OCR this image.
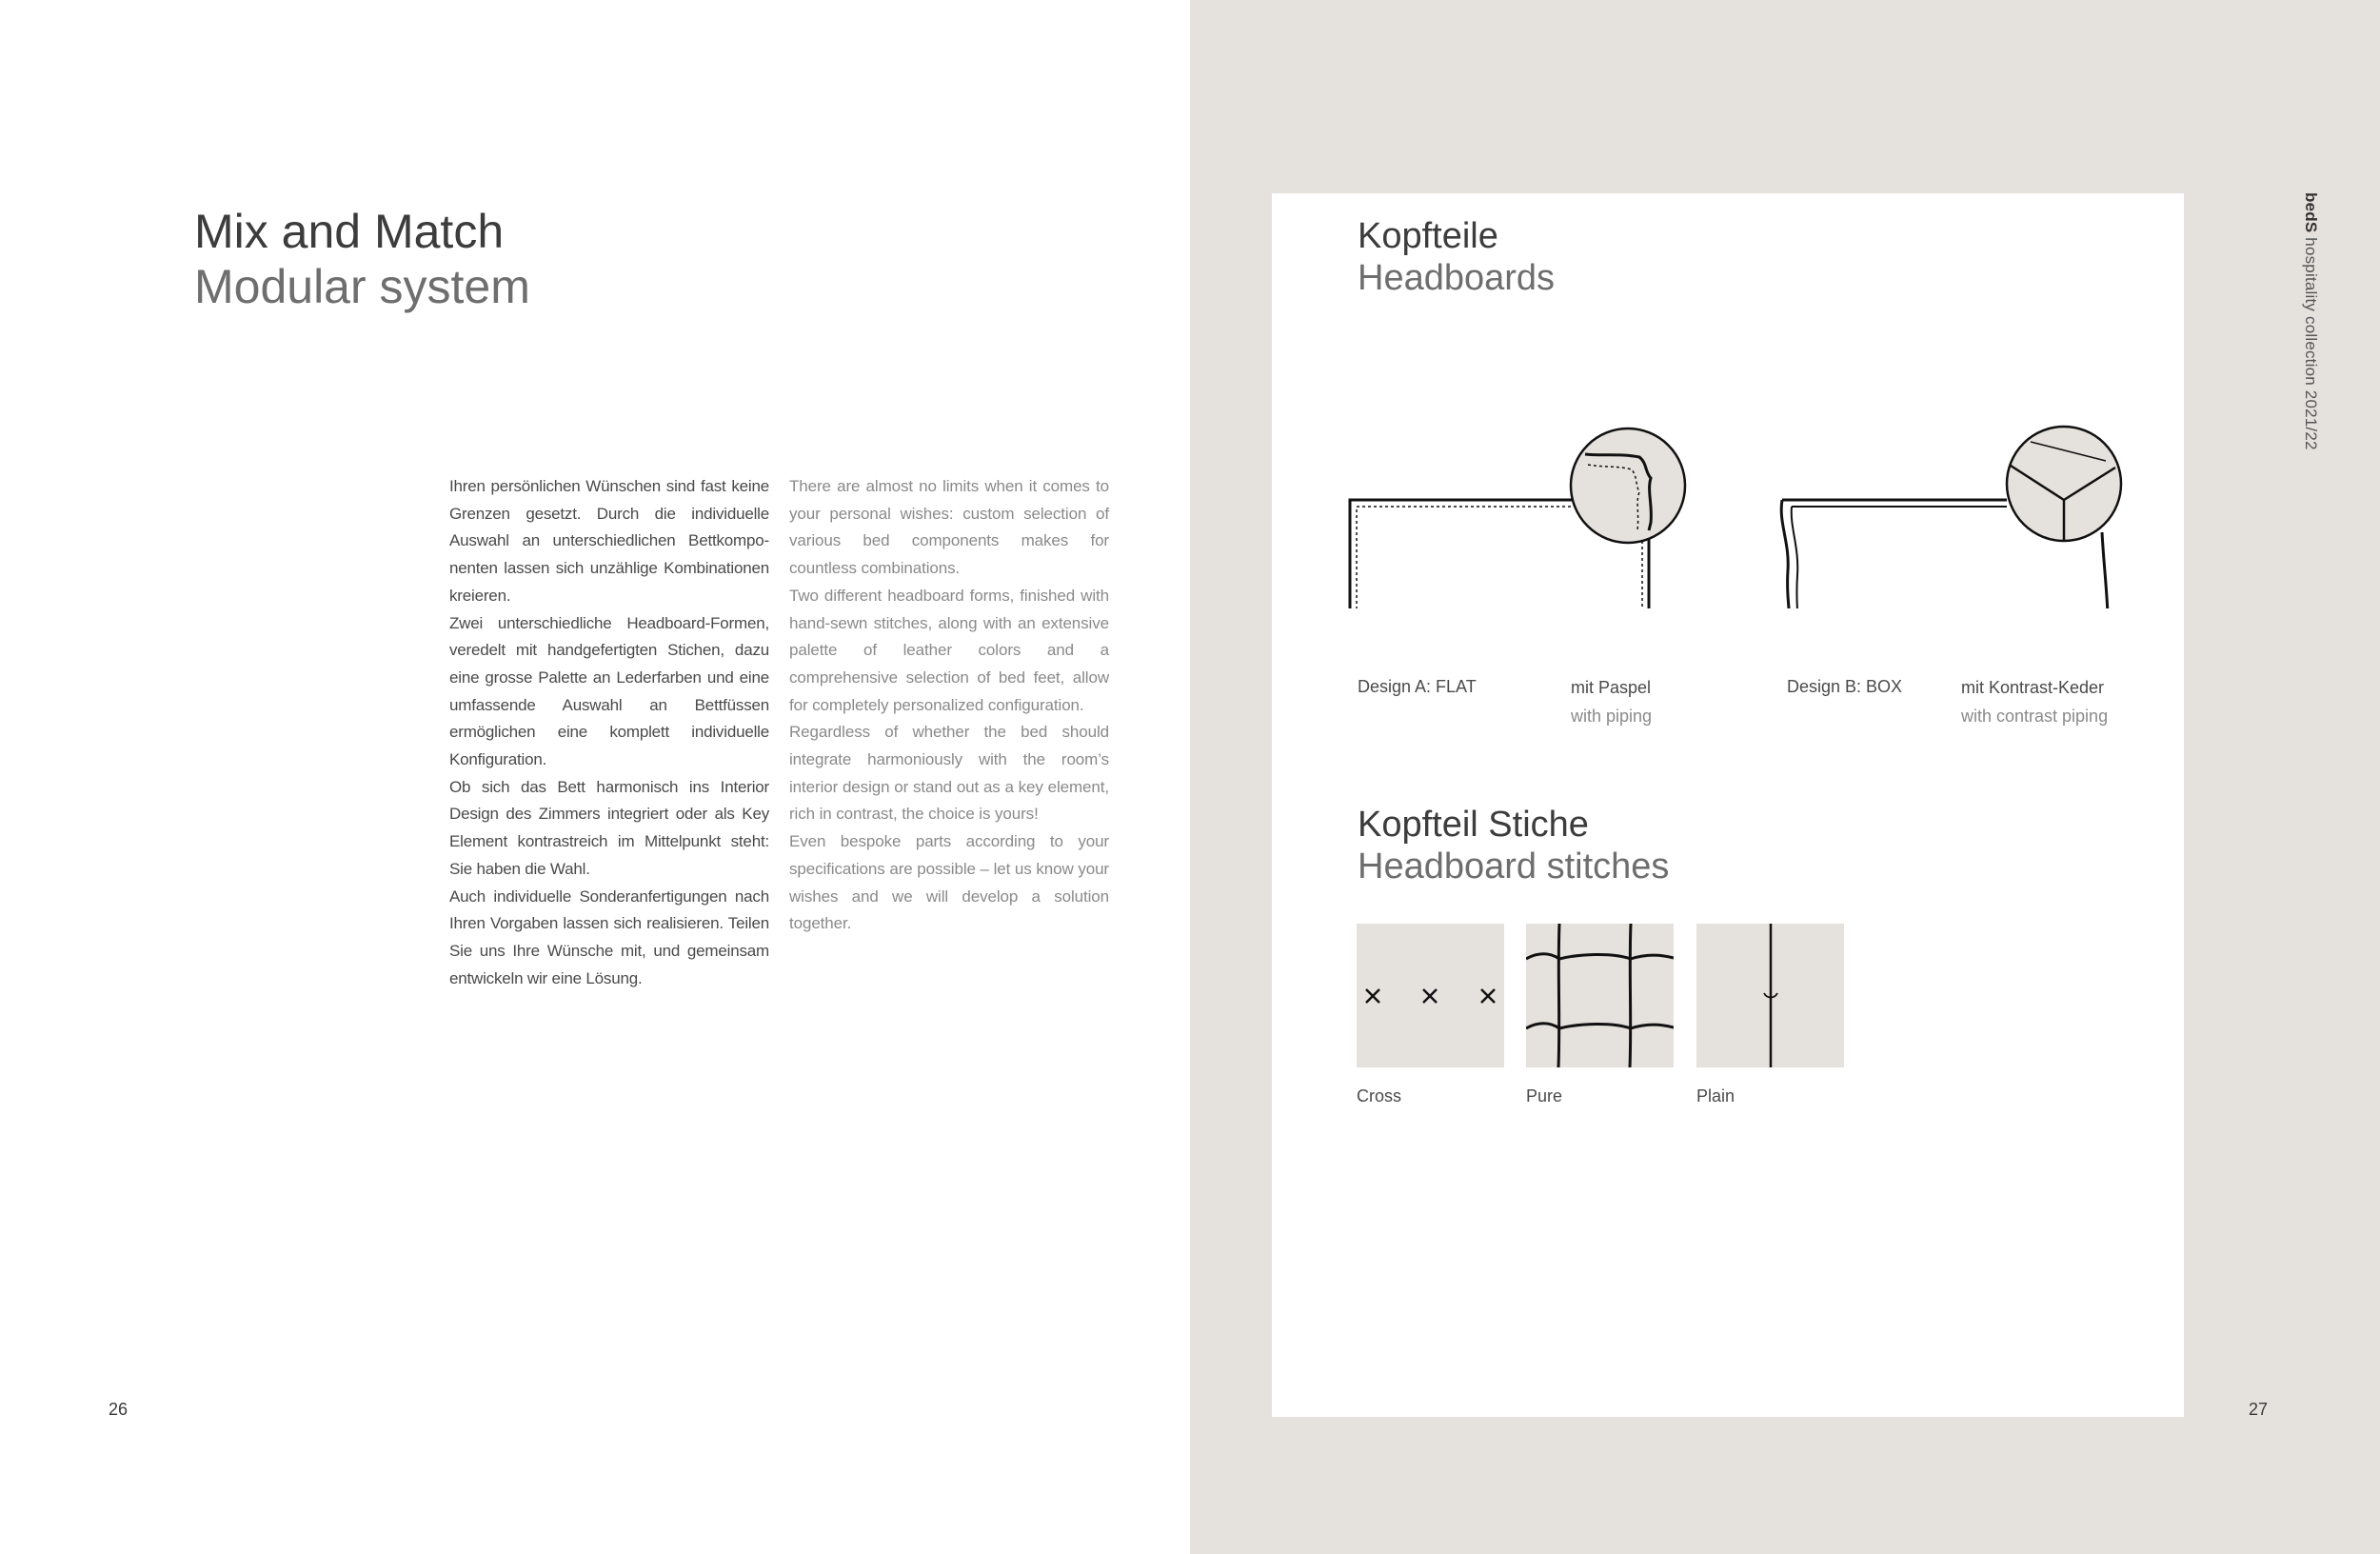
Mix and Match
Modular system

Ihren persönlichen Wünschen sind fast keine Grenzen gesetzt. Durch die individuelle Auswahl an unterschiedlichen Bettkompo-nenten lassen sich unzählige Kombinationen kreieren.

Zwei unterschiedliche Headboard-Formen, veredelt mit handgefertigten Stichen, dazu eine grosse Palette an Lederfarben und eine umfassende Auswahl an Bettfüssen ermöglichen eine komplett individuelle Konfiguration.

Ob sich das Bett harmonisch ins Interior Design des Zimmers integriert oder als Key Element kontrastreich im Mittelpunkt steht: Sie haben die Wahl.

Auch individuelle Sonderanfertigungen nach Ihren Vorgaben lassen sich realisieren. Teilen Sie uns Ihre Wünsche mit, und gemeinsam entwickeln wir eine Lösung.

There are almost no limits when it comes to your personal wishes: custom selection of various bed components makes for countless combinations.

Two different headboard forms, finished with hand-sewn stitches, along with an extensive palette of leather colors and a comprehensive selection of bed feet, allow for completely personalized configuration.

Regardless of whether the bed should integrate harmoniously with the room’s interior design or stand out as a key element, rich in contrast, the choice is yours!

Even bespoke parts according to your specifications are possible – let us know your wishes and we will develop a solution together.

26
bedS hospitality collection 2021/22
27
Kopfteile
Headboards
Design A: FLAT	mit Paspel
with piping
Design B: BOX	mit Kontrast-Keder
with contrast piping
Kopfteil Stiche
Headboard stitches
Cross	Pure	Plain
